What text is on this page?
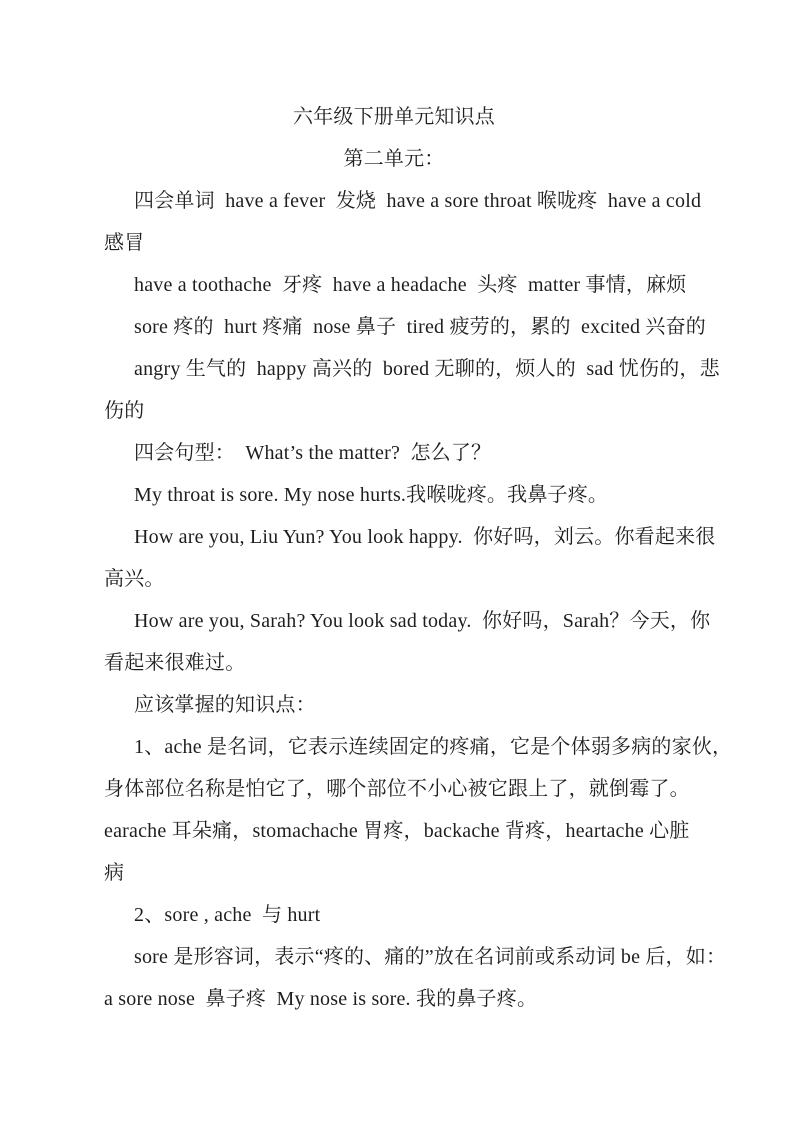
六年级下册单元知识点
第二单元：
四会单词  have a fever  发烧  have a sore throat 喉咙疼  have a cold
感冒
have a toothache  牙疼  have a headache  头疼  matter 事情，麻烦
sore 疼的  hurt 疼痛  nose 鼻子  tired 疲劳的，累的  excited 兴奋的
angry 生气的  happy 高兴的  bored 无聊的，烦人的  sad 忧伤的，悲
伤的
四会句型：  What’s the matter?  怎么了？
My throat is sore. My nose hurts.我喉咙疼。我鼻子疼。
How are you, Liu Yun? You look happy.  你好吗，刘云。你看起来很
高兴。
How are you, Sarah? You look sad today.  你好吗，Sarah？今天，你
看起来很难过。
应该掌握的知识点：
1、ache 是名词，它表示连续固定的疼痛，它是个体弱多病的家伙，
身体部位名称是怕它了，哪个部位不小心被它跟上了，就倒霉了。
earache 耳朵痛，stomachache 胃疼，backache 背疼，heartache 心脏
病
2、sore , ache  与 hurt
sore 是形容词，表示“疼的、痛的”放在名词前或系动词 be 后，如：
a sore nose  鼻子疼  My nose is sore. 我的鼻子疼。
